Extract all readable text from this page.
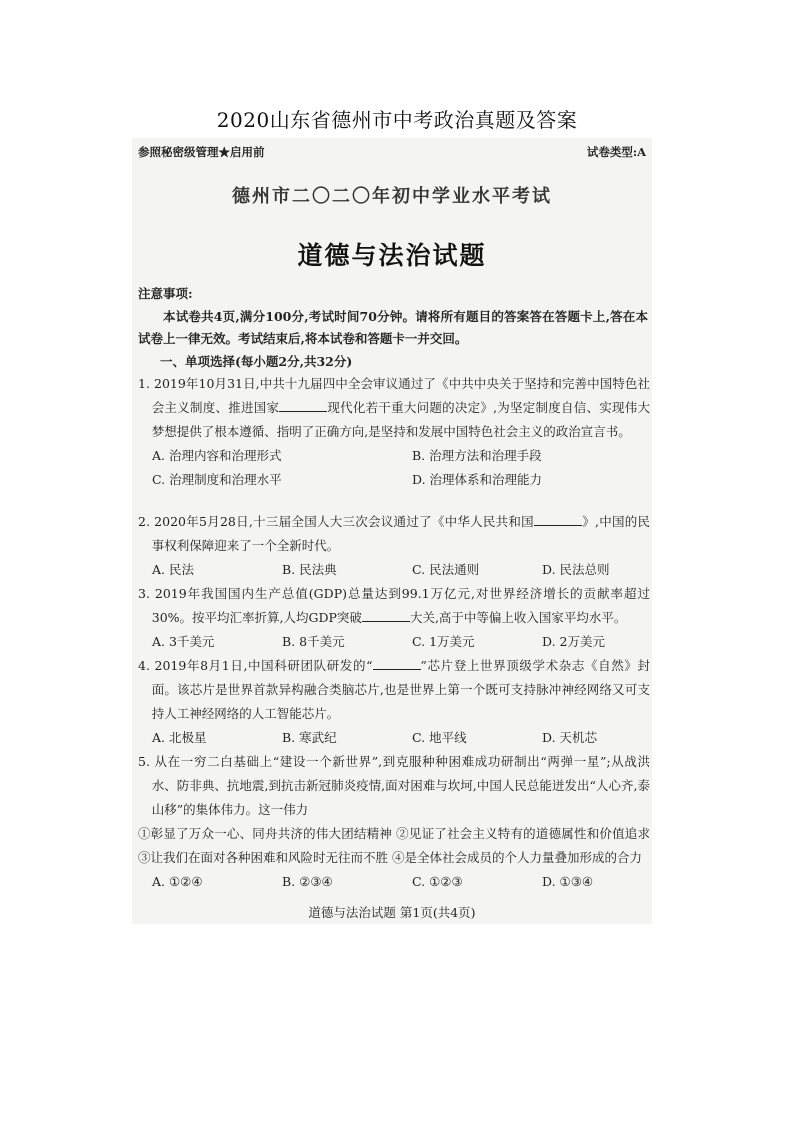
2020山东省德州市中考政治真题及答案
参照秘密级管理★启用前	试卷类型:A
德州市二〇二〇年初中学业水平考试
道德与法治试题
注意事项:
本试卷共4页,满分100分,考试时间70分钟。请将所有题目的答案答在答题卡上,答在本试卷上一律无效。考试结束后,将本试卷和答题卡一并交回。
一、单项选择(每小题2分,共32分)
1. 2019年10月31日,中共十九届四中全会审议通过了《中共中央关于坚持和完善中国特色社会主义制度、推进国家	现代化若干重大问题的决定》,为坚定制度自信、实现伟大梦想提供了根本遵循、指明了正确方向,是坚持和发展中国特色社会主义的政治宣言书。
A. 治理内容和治理形式	B. 治理方法和治理手段
C. 治理制度和治理水平	D. 治理体系和治理能力
2. 2020年5月28日,十三届全国人大三次会议通过了《中华人民共和国	》,中国的民事权利保障迎来了一个全新时代。
A. 民法	B. 民法典	C. 民法通则	D. 民法总则
3. 2019年我国国内生产总值(GDP)总量达到99.1万亿元,对世界经济增长的贡献率超过30%。按平均汇率折算,人均GDP突破	大关,高于中等偏上收入国家平均水平。
A. 3千美元	B. 8千美元	C. 1万美元	D. 2万美元
4. 2019年8月1日,中国科研团队研发的“	”芯片登上世界顶级学术杂志《自然》封面。该芯片是世界首款异构融合类脑芯片,也是世界上第一个既可支持脉冲神经网络又可支持人工神经网络的人工智能芯片。
A. 北极星	B. 寒武纪	C. 地平线	D. 天机芯
5. 从在一穷二白基础上“建设一个新世界”,到克服种种困难成功研制出“两弹一星”;从战洪水、防非典、抗地震,到抗击新冠肺炎疫情,面对困难与坎坷,中国人民总能迸发出“人心齐,泰山移”的集体伟力。这一伟力
①彰显了万众一心、同舟共济的伟大团结精神 ②见证了社会主义特有的道德属性和价值追求 ③让我们在面对各种困难和风险时无往而不胜 ④是全体社会成员的个人力量叠加形成的合力
A. ①②④	B. ②③④	C. ①②③	D. ①③④
道德与法治试题 第1页(共4页)
